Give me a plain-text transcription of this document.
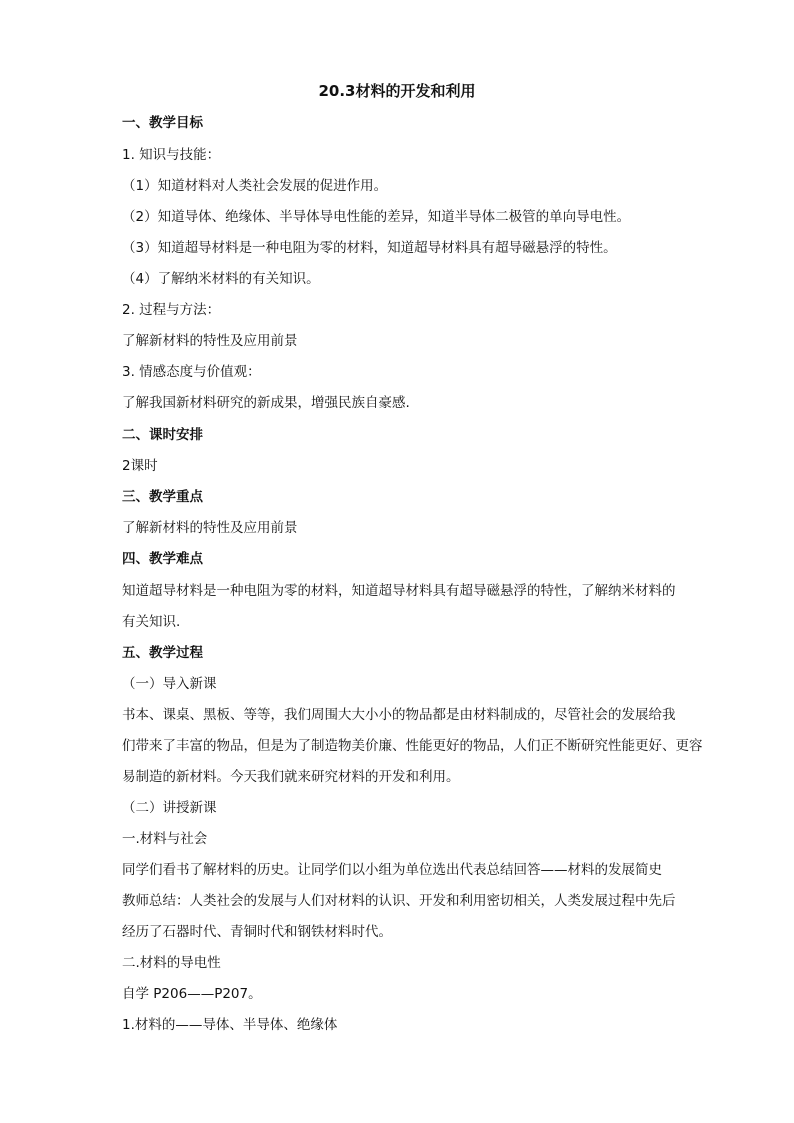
20.3材料的开发和利用
一、教学目标
1. 知识与技能：
（1）知道材料对人类社会发展的促进作用。
（2）知道导体、绝缘体、半导体导电性能的差异，知道半导体二极管的单向导电性。
（3）知道超导材料是一种电阻为零的材料，知道超导材料具有超导磁悬浮的特性。
（4）了解纳米材料的有关知识。
2. 过程与方法：
了解新材料的特性及应用前景
3. 情感态度与价值观：
了解我国新材料研究的新成果，增强民族自豪感.
二、课时安排
2课时
三、教学重点
了解新材料的特性及应用前景
四、教学难点
知道超导材料是一种电阻为零的材料，知道超导材料具有超导磁悬浮的特性，了解纳米材料的
有关知识.
五、教学过程
（一）导入新课
书本、课桌、黑板、等等，我们周围大大小小的物品都是由材料制成的，尽管社会的发展给我
们带来了丰富的物品，但是为了制造物美价廉、性能更好的物品，人们正不断研究性能更好、更容
易制造的新材料。今天我们就来研究材料的开发和利用。
（二）讲授新课
一.材料与社会
同学们看书了解材料的历史。让同学们以小组为单位选出代表总结回答——材料的发展简史
教师总结：人类社会的发展与人们对材料的认识、开发和利用密切相关，人类发展过程中先后
经历了石器时代、青铜时代和钢铁材料时代。
二.材料的导电性
自学 P206——P207。
1.材料的——导体、半导体、绝缘体
